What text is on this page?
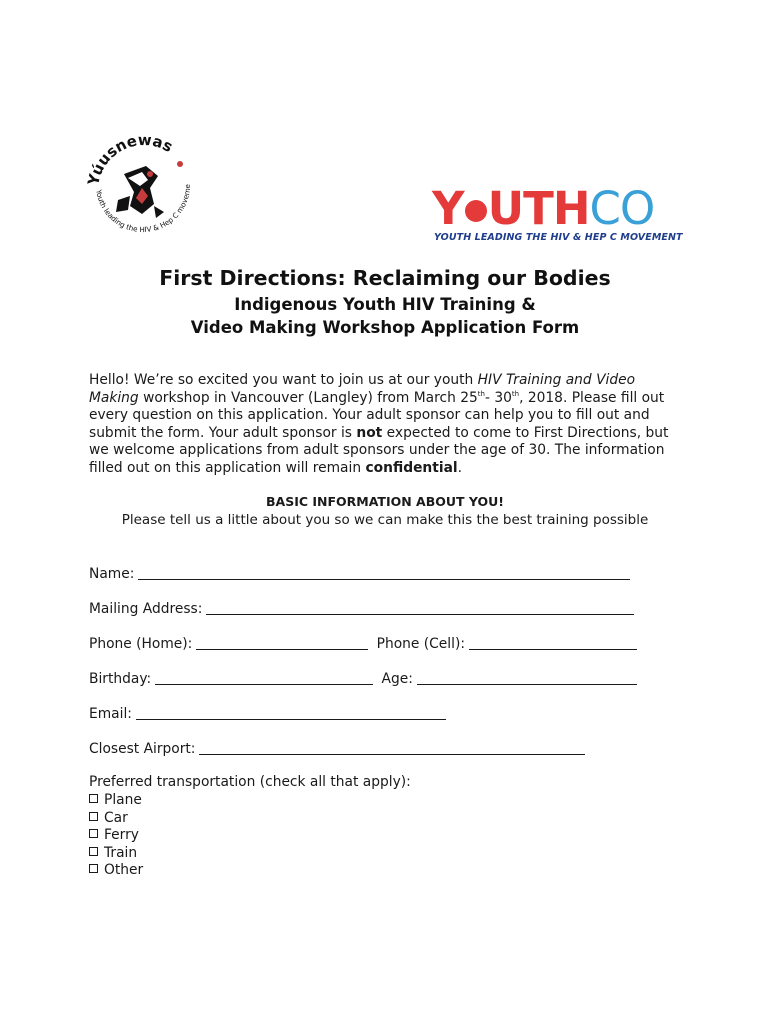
Yúusnewas
Youth leading the HIV & Hep C moveme	Y UTHCO
YOUTH LEADING THE HIV & HEP C MOVEMENT
First Directions: Reclaiming our Bodies
Indigenous Youth HIV Training &
Video Making Workshop Application Form
Hello! We’re so excited you want to join us at our youth HIV Training and Video Making workshop in Vancouver (Langley) from March 25th- 30th, 2018. Please fill out every question on this application. Your adult sponsor can help you to fill out and submit the form. Your adult sponsor is not expected to come to First Directions, but we welcome applications from adult sponsors under the age of 30. The information filled out on this application will remain confidential.
BASIC INFORMATION ABOUT YOU!
Please tell us a little about you so we can make this the best training possible
Name:
Mailing Address:
Phone (Home):	Phone (Cell):
Birthday:	Age:
Email:
Closest Airport:
Preferred transportation (check all that apply):
Plane
Car
Ferry
Train
Other
